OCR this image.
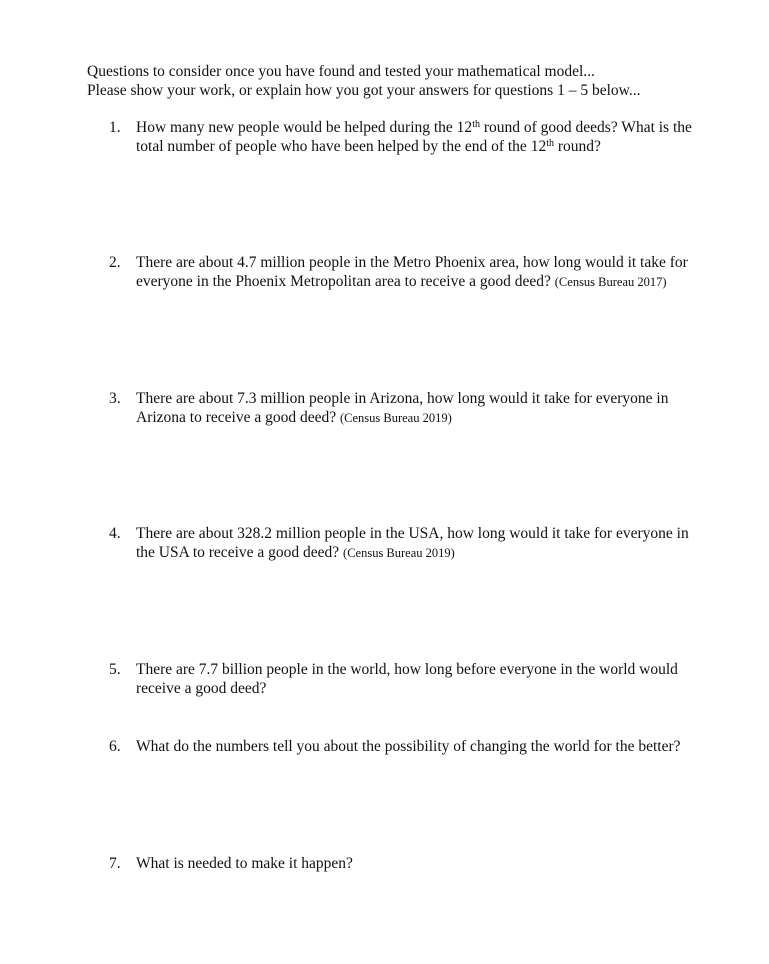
Questions to consider once you have found and tested your mathematical model...
Please show your work, or explain how you got your answers for questions 1 – 5 below...
1. How many new people would be helped during the 12th round of good deeds? What is the
total number of people who have been helped by the end of the 12th round?
2. There are about 4.7 million people in the Metro Phoenix area, how long would it take for
everyone in the Phoenix Metropolitan area to receive a good deed? (Census Bureau 2017)
3. There are about 7.3 million people in Arizona, how long would it take for everyone in
Arizona to receive a good deed? (Census Bureau 2019)
4. There are about 328.2 million people in the USA, how long would it take for everyone in
the USA to receive a good deed? (Census Bureau 2019)
5. There are 7.7 billion people in the world, how long before everyone in the world would
receive a good deed?
6. What do the numbers tell you about the possibility of changing the world for the better?
7. What is needed to make it happen?
